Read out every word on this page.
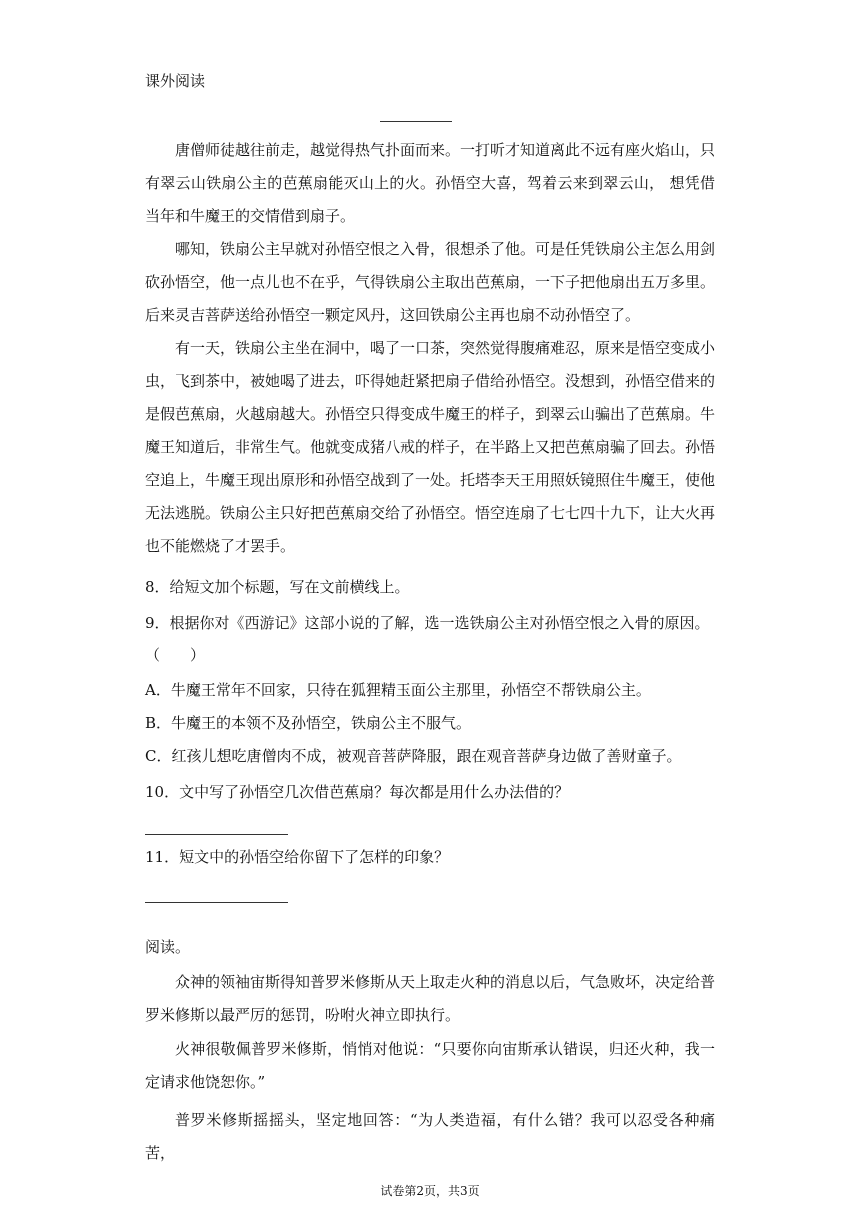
课外阅读

唐僧师徒越往前走，越觉得热气扑面而来。一打听才知道离此不远有座火焰山，只有翠云山铁扇公主的芭蕉扇能灭山上的火。孙悟空大喜，驾着云来到翠云山， 想凭借当年和牛魔王的交情借到扇子。

哪知，铁扇公主早就对孙悟空恨之入骨，很想杀了他。可是任凭铁扇公主怎么用剑砍孙悟空，他一点儿也不在乎，气得铁扇公主取出芭蕉扇，一下子把他扇出五万多里。后来灵吉菩萨送给孙悟空一颗定风丹，这回铁扇公主再也扇不动孙悟空了。

有一天，铁扇公主坐在洞中，喝了一口茶，突然觉得腹痛难忍，原来是悟空变成小虫，飞到茶中，被她喝了进去，吓得她赶紧把扇子借给孙悟空。没想到，孙悟空借来的是假芭蕉扇，火越扇越大。孙悟空只得变成牛魔王的样子，到翠云山骗出了芭蕉扇。牛魔王知道后，非常生气。他就变成猪八戒的样子，在半路上又把芭蕉扇骗了回去。孙悟空追上，牛魔王现出原形和孙悟空战到了一处。托塔李天王用照妖镜照住牛魔王，使他无法逃脱。铁扇公主只好把芭蕉扇交给了孙悟空。悟空连扇了七七四十九下，让大火再也不能燃烧了才罢手。

8．给短文加个标题，写在文前横线上。

9．根据你对《西游记》这部小说的了解，选一选铁扇公主对孙悟空恨之入骨的原因。

（　　）

A．牛魔王常年不回家，只待在狐狸精玉面公主那里，孙悟空不帮铁扇公主。

B．牛魔王的本领不及孙悟空，铁扇公主不服气。

C．红孩儿想吃唐僧肉不成，被观音菩萨降服，跟在观音菩萨身边做了善财童子。

10．文中写了孙悟空几次借芭蕉扇？每次都是用什么办法借的？

11．短文中的孙悟空给你留下了怎样的印象？

阅读。

众神的领袖宙斯得知普罗米修斯从天上取走火种的消息以后，气急败坏，决定给普罗米修斯以最严厉的惩罚，吩咐火神立即执行。

火神很敬佩普罗米修斯，悄悄对他说：“只要你向宙斯承认错误，归还火种，我一定请求他饶恕你。”

普罗米修斯摇摇头，坚定地回答：“为人类造福，有什么错？我可以忍受各种痛苦，

试卷第2页，共3页
